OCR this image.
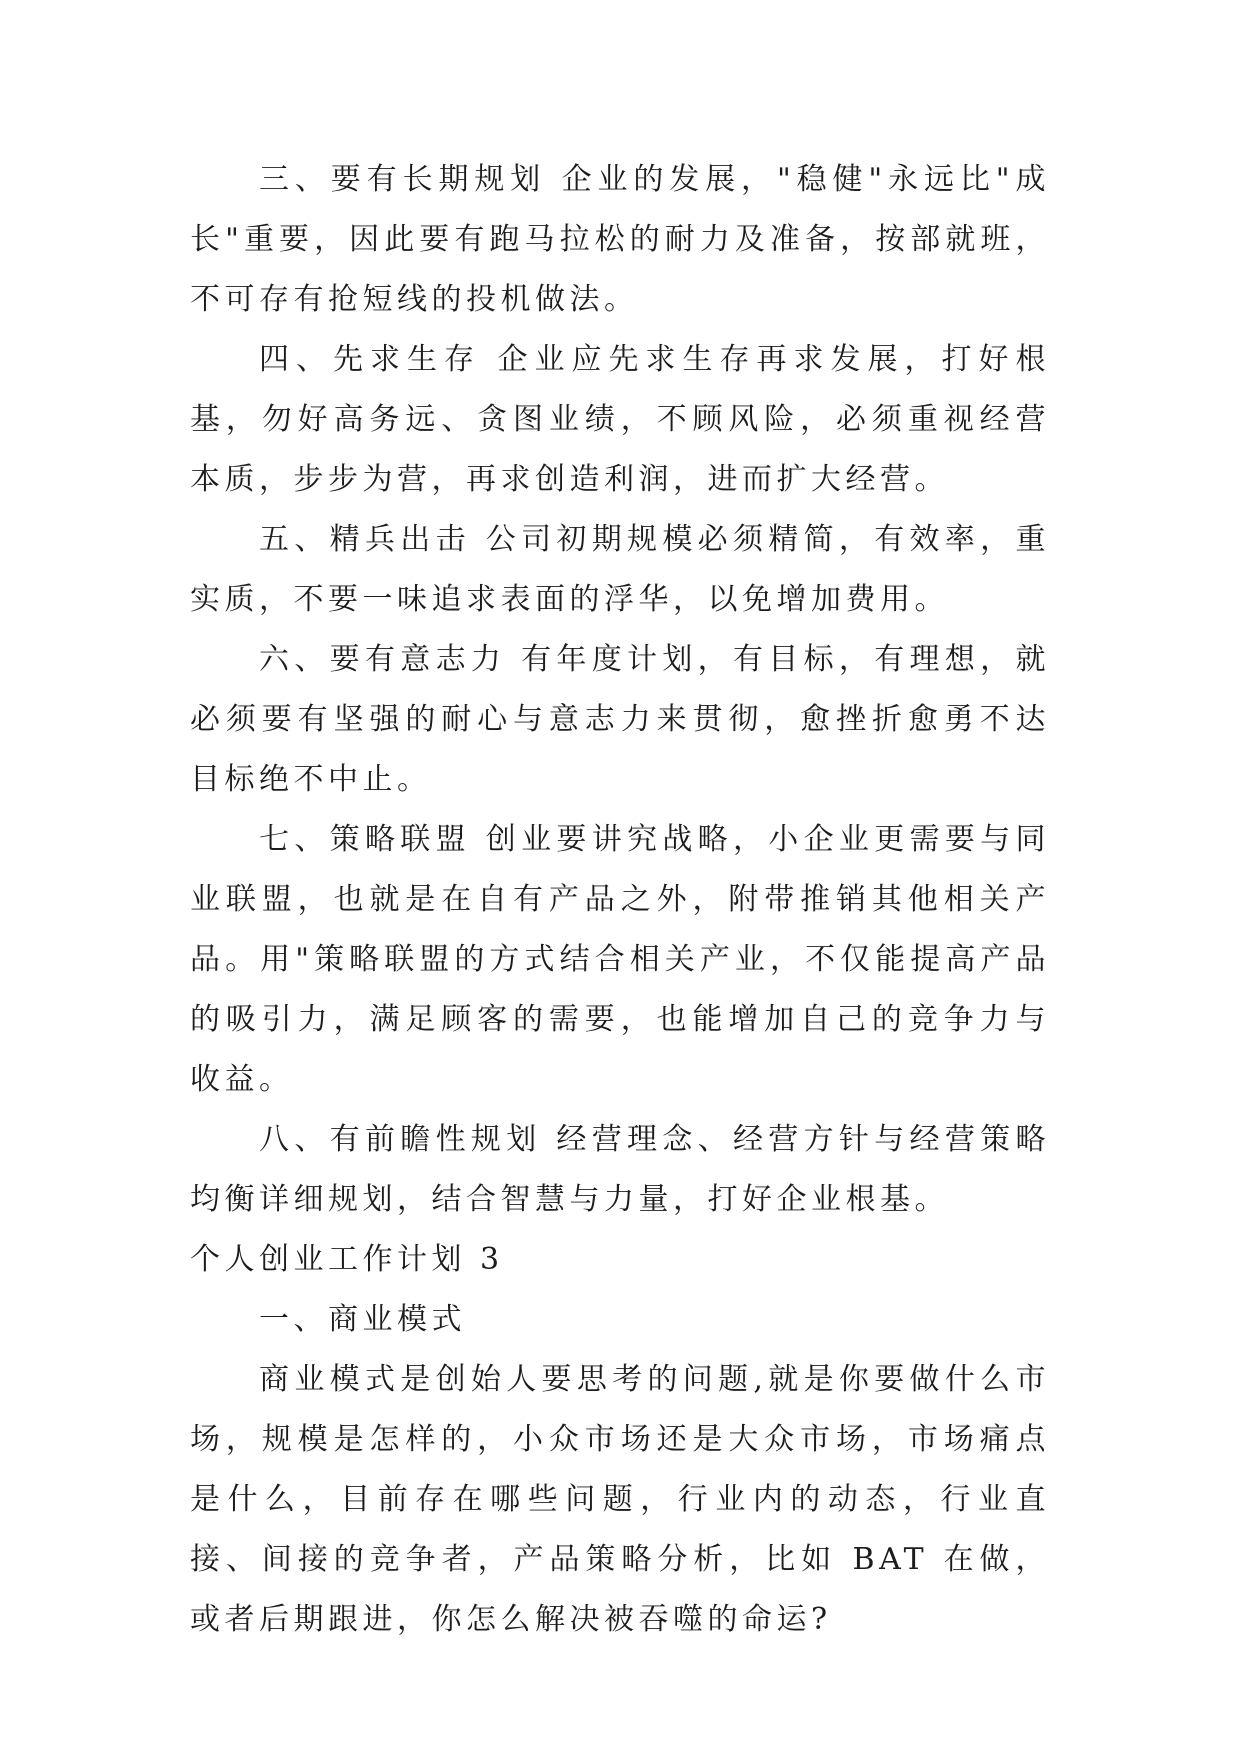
三、要有长期规划 企业的发展，"稳健"永远比"成长"重要，因此要有跑马拉松的耐力及准备，按部就班，不可存有抢短线的投机做法。

四、先求生存 企业应先求生存再求发展，打好根基，勿好高务远、贪图业绩，不顾风险，必须重视经营本质，步步为营，再求创造利润，进而扩大经营。

五、精兵出击 公司初期规模必须精简，有效率，重实质，不要一味追求表面的浮华，以免增加费用。

六、要有意志力 有年度计划，有目标，有理想，就必须要有坚强的耐心与意志力来贯彻，愈挫折愈勇不达目标绝不中止。

七、策略联盟 创业要讲究战略，小企业更需要与同业联盟，也就是在自有产品之外，附带推销其他相关产品。用"策略联盟的方式结合相关产业，不仅能提高产品的吸引力，满足顾客的需要，也能增加自己的竞争力与收益。

八、有前瞻性规划 经营理念、经营方针与经营策略均衡详细规划，结合智慧与力量，打好企业根基。

个人创业工作计划 3

一、商业模式

商业模式是创始人要思考的问题,就是你要做什么市场，规模是怎样的，小众市场还是大众市场，市场痛点是什么，目前存在哪些问题，行业内的动态，行业直接、间接的竞争者，产品策略分析，比如 BAT 在做，或者后期跟进，你怎么解决被吞噬的命运?
